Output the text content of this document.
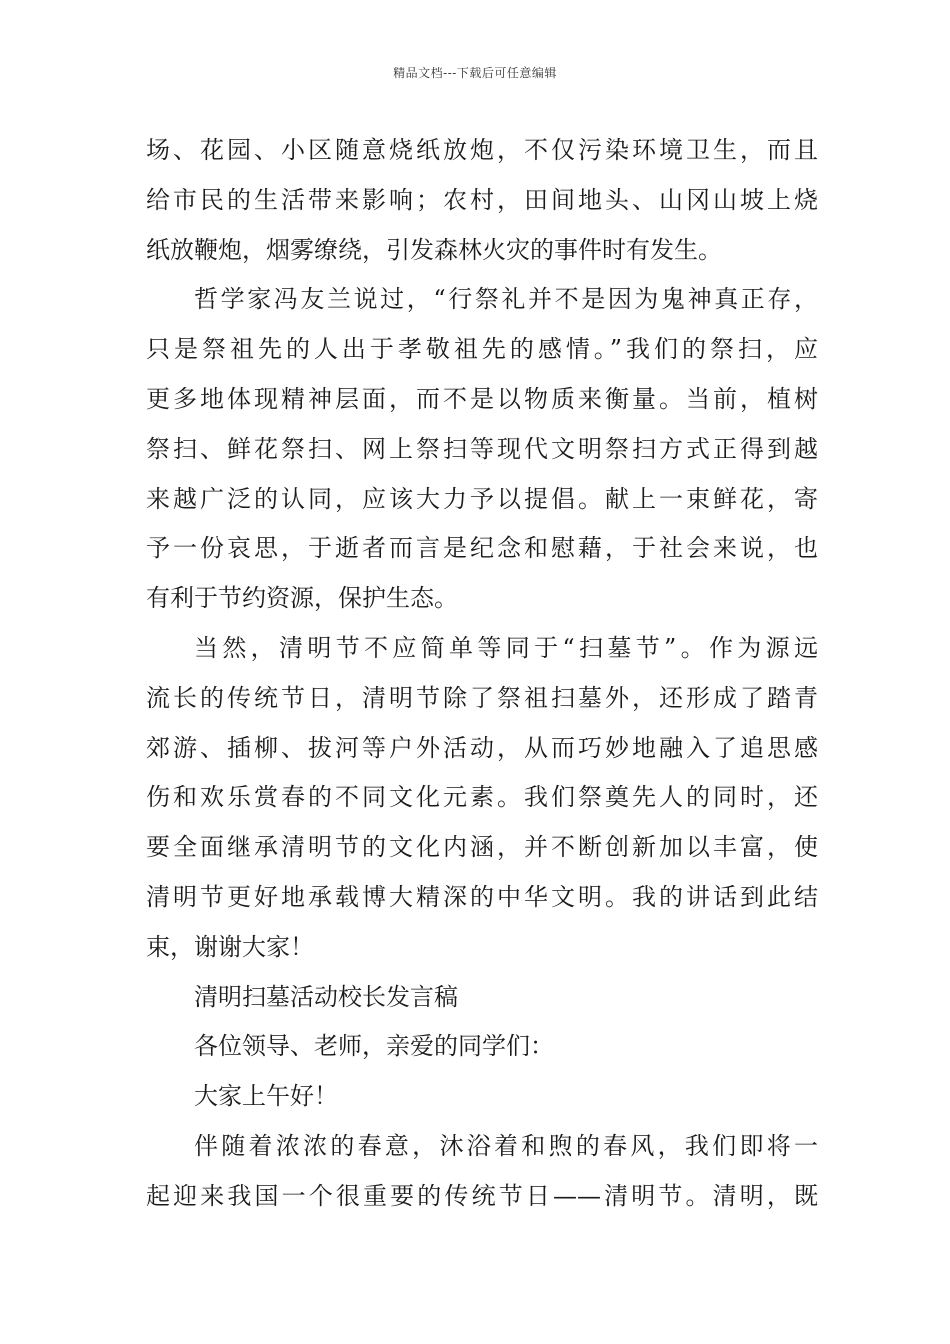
精品文档---下载后可任意编辑
场、花园、小区随意烧纸放炮，不仅污染环境卫生，而且
给市民的生活带来影响；农村，田间地头、山冈山坡上烧
纸放鞭炮，烟雾缭绕，引发森林火灾的事件时有发生。
哲学家冯友兰说过，“行祭礼并不是因为鬼神真正存，
只是祭祖先的人出于孝敬祖先的感情。”我们的祭扫，应
更多地体现精神层面，而不是以物质来衡量。当前，植树
祭扫、鲜花祭扫、网上祭扫等现代文明祭扫方式正得到越
来越广泛的认同，应该大力予以提倡。献上一束鲜花，寄
予一份哀思，于逝者而言是纪念和慰藉，于社会来说，也
有利于节约资源，保护生态。
当然，清明节不应简单等同于“扫墓节”。作为源远
流长的传统节日，清明节除了祭祖扫墓外，还形成了踏青
郊游、插柳、拔河等户外活动，从而巧妙地融入了追思感
伤和欢乐赏春的不同文化元素。我们祭奠先人的同时，还
要全面继承清明节的文化内涵，并不断创新加以丰富，使
清明节更好地承载博大精深的中华文明。我的讲话到此结
束，谢谢大家！
清明扫墓活动校长发言稿
各位领导、老师，亲爱的同学们：
大家上午好！
伴随着浓浓的春意，沐浴着和煦的春风，我们即将一
起迎来我国一个很重要的传统节日——清明节。清明，既
